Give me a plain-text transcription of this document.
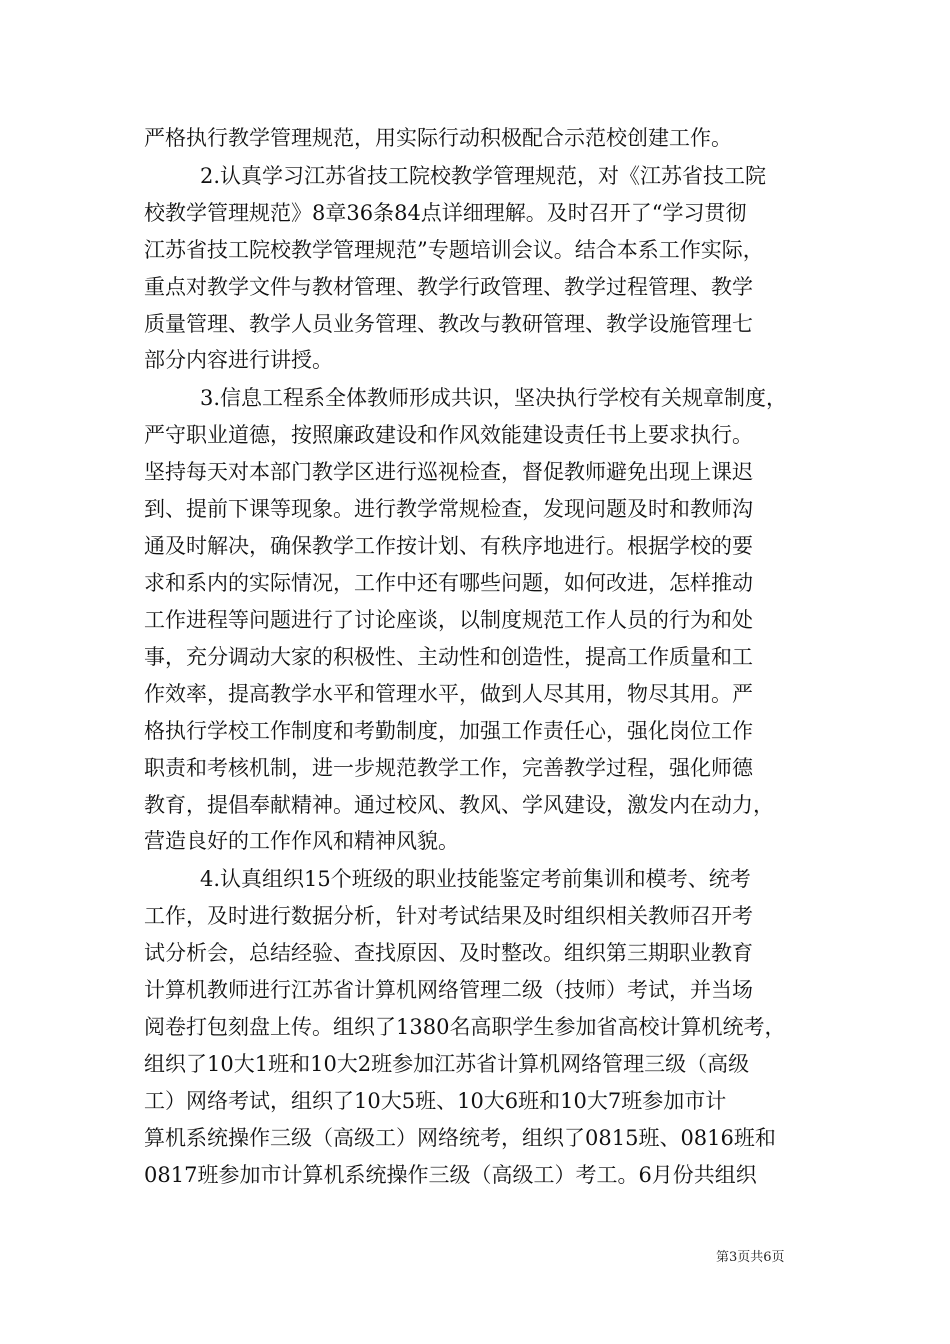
严格执行教学管理规范，用实际行动积极配合示范校创建工作。
2.认真学习江苏省技工院校教学管理规范，对《江苏省技工院
校教学管理规范》8章36条84点详细理解。及时召开了“学习贯彻
江苏省技工院校教学管理规范”专题培训会议。结合本系工作实际，
重点对教学文件与教材管理、教学行政管理、教学过程管理、教学
质量管理、教学人员业务管理、教改与教研管理、教学设施管理七
部分内容进行讲授。
3.信息工程系全体教师形成共识，坚决执行学校有关规章制度，
严守职业道德，按照廉政建设和作风效能建设责任书上要求执行。
坚持每天对本部门教学区进行巡视检查，督促教师避免出现上课迟
到、提前下课等现象。进行教学常规检查，发现问题及时和教师沟
通及时解决，确保教学工作按计划、有秩序地进行。根据学校的要
求和系内的实际情况，工作中还有哪些问题，如何改进，怎样推动
工作进程等问题进行了讨论座谈，以制度规范工作人员的行为和处
事，充分调动大家的积极性、主动性和创造性，提高工作质量和工
作效率，提高教学水平和管理水平，做到人尽其用，物尽其用。严
格执行学校工作制度和考勤制度，加强工作责任心，强化岗位工作
职责和考核机制，进一步规范教学工作，完善教学过程，强化师德
教育，提倡奉献精神。通过校风、教风、学风建设，激发内在动力，
营造良好的工作作风和精神风貌。
4.认真组织15个班级的职业技能鉴定考前集训和模考、统考
工作，及时进行数据分析，针对考试结果及时组织相关教师召开考
试分析会，总结经验、查找原因、及时整改。组织第三期职业教育
计算机教师进行江苏省计算机网络管理二级（技师）考试，并当场
阅卷打包刻盘上传。组织了1380名高职学生参加省高校计算机统考，
组织了10大1班和10大2班参加江苏省计算机网络管理三级（高级
工）网络考试，组织了10大5班、10大6班和10大7班参加市计
算机系统操作三级（高级工）网络统考，组织了0815班、0816班和
0817班参加市计算机系统操作三级（高级工）考工。6月份共组织
第3页共6页
